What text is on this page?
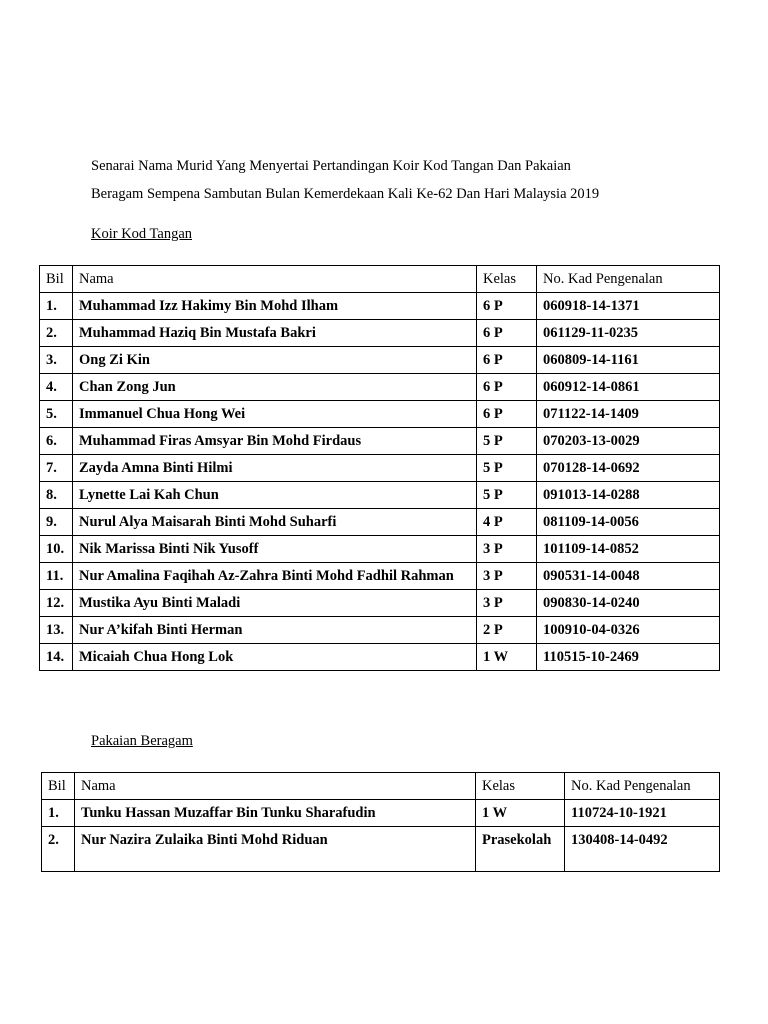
Senarai Nama Murid Yang Menyertai Pertandingan Koir Kod Tangan Dan Pakaian
Beragam Sempena Sambutan Bulan Kemerdekaan Kali Ke-62 Dan Hari Malaysia 2019
Koir Kod Tangan
Bil	Nama	Kelas	No. Kad Pengenalan
1.	Muhammad Izz Hakimy Bin Mohd Ilham	6 P	060918-14-1371
2.	Muhammad Haziq Bin Mustafa Bakri	6 P	061129-11-0235
3.	Ong Zi Kin	6 P	060809-14-1161
4.	Chan Zong Jun	6 P	060912-14-0861
5.	Immanuel Chua Hong Wei	6 P	071122-14-1409
6.	Muhammad Firas Amsyar Bin Mohd Firdaus	5 P	070203-13-0029
7.	Zayda Amna Binti Hilmi	5 P	070128-14-0692
8.	Lynette Lai Kah Chun	5 P	091013-14-0288
9.	Nurul Alya Maisarah Binti Mohd Suharfi	4 P	081109-14-0056
10.	Nik Marissa Binti Nik Yusoff	3 P	101109-14-0852
11.	Nur Amalina Faqihah Az-Zahra Binti Mohd Fadhil Rahman	3 P	090531-14-0048
12.	Mustika Ayu Binti Maladi	3 P	090830-14-0240
13.	Nur A’kifah Binti Herman	2 P	100910-04-0326
14.	Micaiah Chua Hong Lok	1 W	110515-10-2469
Pakaian Beragam
Bil	Nama	Kelas	No. Kad Pengenalan
1.	Tunku Hassan Muzaffar Bin Tunku Sharafudin	1 W	110724-10-1921
2.	Nur Nazira Zulaika Binti Mohd Riduan	Prasekolah	130408-14-0492
